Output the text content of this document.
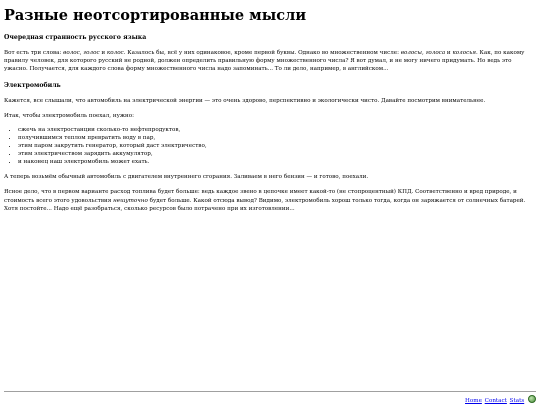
Разные неотсортированные мысли
Очередная странность русского языка

Вот есть три слова: волос, голос и колос. Казалось бы, всё у них одинаковое, кроме первой буквы. Однако во множественном числе: волосы, голоса и колосья. Как, по какому правилу человек, для которого русский не родной, должен определить правильную форму множественного числа? Я вот думал, и не могу ничего придумать. Но ведь это ужасно. Получается, для каждого слова форму множественного числа надо запоминать... То ли дело, например, в английском...

Электромобиль

Кажется, все слышали, что автомобиль на электрической энергии — это очень здорово, перспективно и экологически чисто. Давайте посмотрим внимательнее.

Итак, чтобы электромобиль поехал, нужно:

• сжечь на электростанции сколько-то нефтепродуктов,
• получившимся теплом превратить воду в пар,
• этим паром закрутить генератор, который даст электричество,
• этим электричеством зарядить аккумулятор,
• и наконец наш электромобиль может ехать.

А теперь возьмём обычный автомобиль с двигателем внутреннего сгорания. Заливаем в него бензин — и готово, поехали.

Ясное дело, что в первом варианте расход топлива будет больше: ведь каждое звено в цепочке имеет какой-то (не стопроцентный) КПД. Соответственно и вред природе, и стоимость всего этого удовольствия нешуточно будет больше. Какой отсюда вывод? Видимо, электромобиль хорош только тогда, когда он заряжается от солнечных батарей. Хотя постойте... Надо ещё разобраться, сколько ресурсов было потрачено при их изготовлении...

Home Contact Stats
